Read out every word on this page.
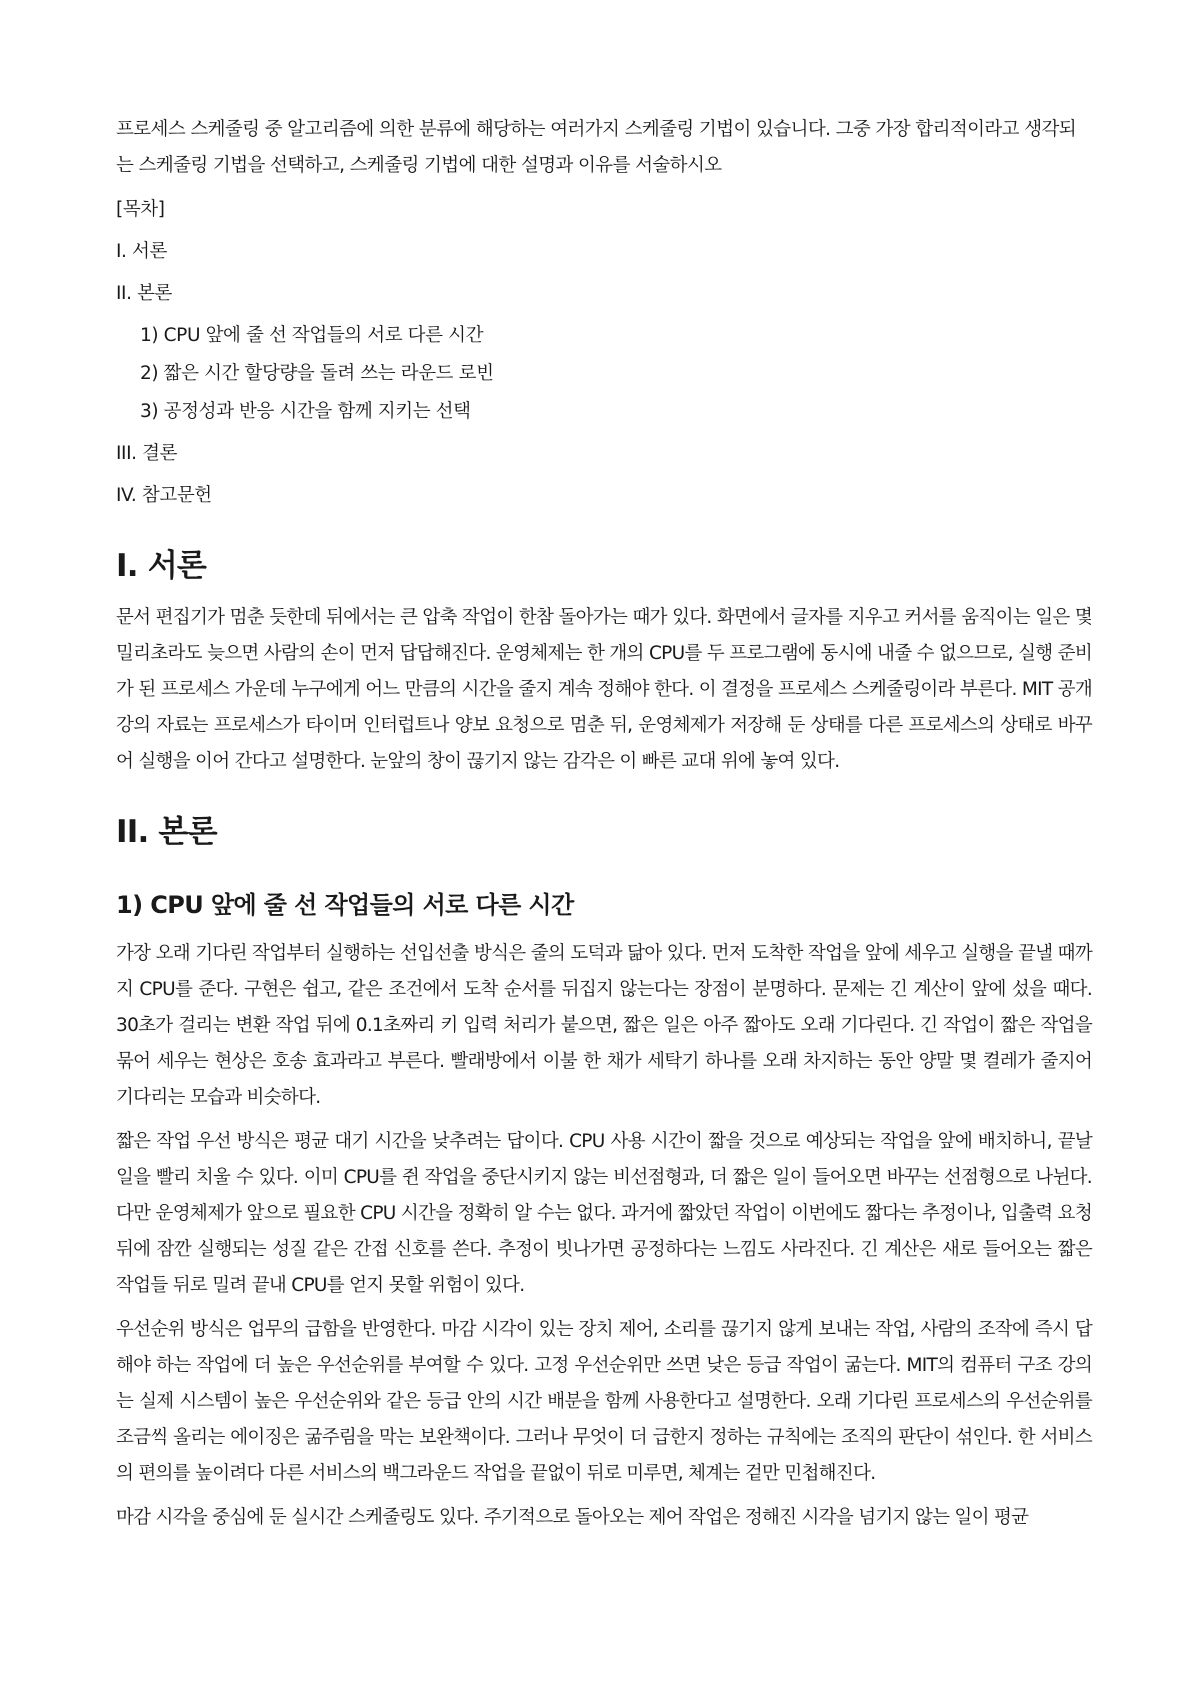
프로세스 스케줄링 중 알고리즘에 의한 분류에 해당하는 여러가지 스케줄링 기법이 있습니다. 그중 가장 합리적이라고 생각되는 스케줄링 기법을 선택하고, 스케줄링 기법에 대한 설명과 이유를 서술하시오

[목차]
I. 서론
II. 본론
1) CPU 앞에 줄 선 작업들의 서로 다른 시간
2) 짧은 시간 할당량을 돌려 쓰는 라운드 로빈
3) 공정성과 반응 시간을 함께 지키는 선택
III. 결론
IV. 참고문헌
I. 서론

문서 편집기가 멈춘 듯한데 뒤에서는 큰 압축 작업이 한참 돌아가는 때가 있다. 화면에서 글자를 지우고 커서를 움직이는 일은 몇 밀리초라도 늦으면 사람의 손이 먼저 답답해진다. 운영체제는 한 개의 CPU를 두 프로그램에 동시에 내줄 수 없으므로, 실행 준비가 된 프로세스 가운데 누구에게 어느 만큼의 시간을 줄지 계속 정해야 한다. 이 결정을 프로세스 스케줄링이라 부른다. MIT 공개강의 자료는 프로세스가 타이머 인터럽트나 양보 요청으로 멈춘 뒤, 운영체제가 저장해 둔 상태를 다른 프로세스의 상태로 바꾸어 실행을 이어 간다고 설명한다. 눈앞의 창이 끊기지 않는 감각은 이 빠른 교대 위에 놓여 있다.

II. 본론
1) CPU 앞에 줄 선 작업들의 서로 다른 시간

가장 오래 기다린 작업부터 실행하는 선입선출 방식은 줄의 도덕과 닮아 있다. 먼저 도착한 작업을 앞에 세우고 실행을 끝낼 때까지 CPU를 준다. 구현은 쉽고, 같은 조건에서 도착 순서를 뒤집지 않는다는 장점이 분명하다. 문제는 긴 계산이 앞에 섰을 때다. 30초가 걸리는 변환 작업 뒤에 0.1초짜리 키 입력 처리가 붙으면, 짧은 일은 아주 짧아도 오래 기다린다. 긴 작업이 짧은 작업을 묶어 세우는 현상은 호송 효과라고 부른다. 빨래방에서 이불 한 채가 세탁기 하나를 오래 차지하는 동안 양말 몇 켤레가 줄지어 기다리는 모습과 비슷하다.

짧은 작업 우선 방식은 평균 대기 시간을 낮추려는 답이다. CPU 사용 시간이 짧을 것으로 예상되는 작업을 앞에 배치하니, 끝날 일을 빨리 치울 수 있다. 이미 CPU를 쥔 작업을 중단시키지 않는 비선점형과, 더 짧은 일이 들어오면 바꾸는 선점형으로 나뉜다. 다만 운영체제가 앞으로 필요한 CPU 시간을 정확히 알 수는 없다. 과거에 짧았던 작업이 이번에도 짧다는 추정이나, 입출력 요청 뒤에 잠깐 실행되는 성질 같은 간접 신호를 쓴다. 추정이 빗나가면 공정하다는 느낌도 사라진다. 긴 계산은 새로 들어오는 짧은 작업들 뒤로 밀려 끝내 CPU를 얻지 못할 위험이 있다.

우선순위 방식은 업무의 급함을 반영한다. 마감 시각이 있는 장치 제어, 소리를 끊기지 않게 보내는 작업, 사람의 조작에 즉시 답해야 하는 작업에 더 높은 우선순위를 부여할 수 있다. 고정 우선순위만 쓰면 낮은 등급 작업이 굶는다. MIT의 컴퓨터 구조 강의는 실제 시스템이 높은 우선순위와 같은 등급 안의 시간 배분을 함께 사용한다고 설명한다. 오래 기다린 프로세스의 우선순위를 조금씩 올리는 에이징은 굶주림을 막는 보완책이다. 그러나 무엇이 더 급한지 정하는 규칙에는 조직의 판단이 섞인다. 한 서비스의 편의를 높이려다 다른 서비스의 백그라운드 작업을 끝없이 뒤로 미루면, 체계는 겉만 민첩해진다.

마감 시각을 중심에 둔 실시간 스케줄링도 있다. 주기적으로 돌아오는 제어 작업은 정해진 시각을 넘기지 않는 일이 평균
